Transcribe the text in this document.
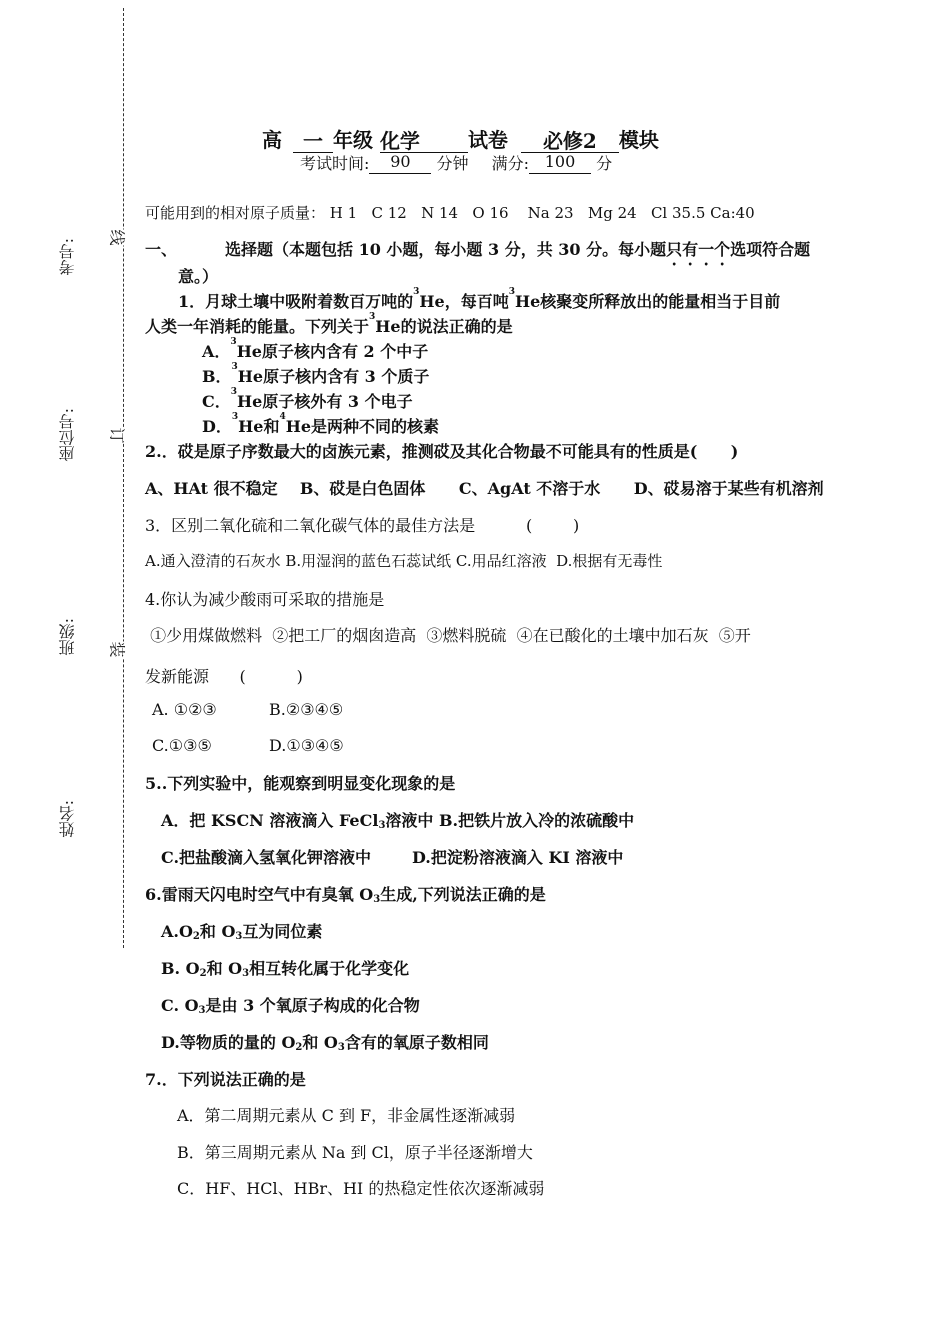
考号:
座位号:
班级:
姓名:
线
订
装
高 一 年级 化学 试卷 必修2 模块
考试时间: 90 分钟 满分: 100 分
可能用到的相对原子质量： H 1   C 12   N 14   O 16    Na 23   Mg 24   Cl 35.5 Ca:40
一、	选择题（本题包括 10 小题，每小题 3 分，共 30 分。每小题只有一个选项符合题
意。）
1．月球土壤中吸附着数百万吨的$^3$He，每百吨$^3$He核聚变所释放出的能量相当于目前
人类一年消耗的能量。下列关于$^3$He的说法正确的是
A．$^3$He原子核内含有 2 个中子
B．$^3$He原子核内含有 3 个质子
C．$^3$He原子核外有 3 个电子
D．$^3$He和$^4$He是两种不同的核素
2.．砹是原子序数最大的卤族元素，推测砹及其化合物最不可能具有的性质是(      )
A、HAt 很不稳定    B、砹是白色固体      C、AgAt 不溶于水      D、砹易溶于某些有机溶剂
3．区别二氧化硫和二氧化碳气体的最佳方法是          (        )
A.通入澄清的石灰水 B.用湿润的蓝色石蕊试纸 C.用品红溶液  D.根据有无毒性
4.你认为减少酸雨可采取的措施是
①少用煤做燃料  ②把工厂的烟囱造高  ③燃料脱硫  ④在已酸化的土壤中加石灰  ⑤开
发新能源      (          )
A. ①②③	B.②③④⑤
C.①③⑤	D.①③④⑤
5..下列实验中，能观察到明显变化现象的是
A．把 KSCN 溶液滴入 FeCl3溶液中 B.把铁片放入冷的浓硫酸中
C.把盐酸滴入氢氧化钾溶液中	D.把淀粉溶液滴入 KI 溶液中
6.雷雨天闪电时空气中有臭氧 O3生成,下列说法正确的是
A.O2和 O3互为同位素
B. O2和 O3相互转化属于化学变化
C. O3是由 3 个氧原子构成的化合物
D.等物质的量的 O2和 O3含有的氧原子数相同
7.．下列说法正确的是
A．第二周期元素从 C 到 F，非金属性逐渐减弱
B．第三周期元素从 Na 到 Cl，原子半径逐渐增大
C．HF、HCl、HBr、HI 的热稳定性依次逐渐减弱
